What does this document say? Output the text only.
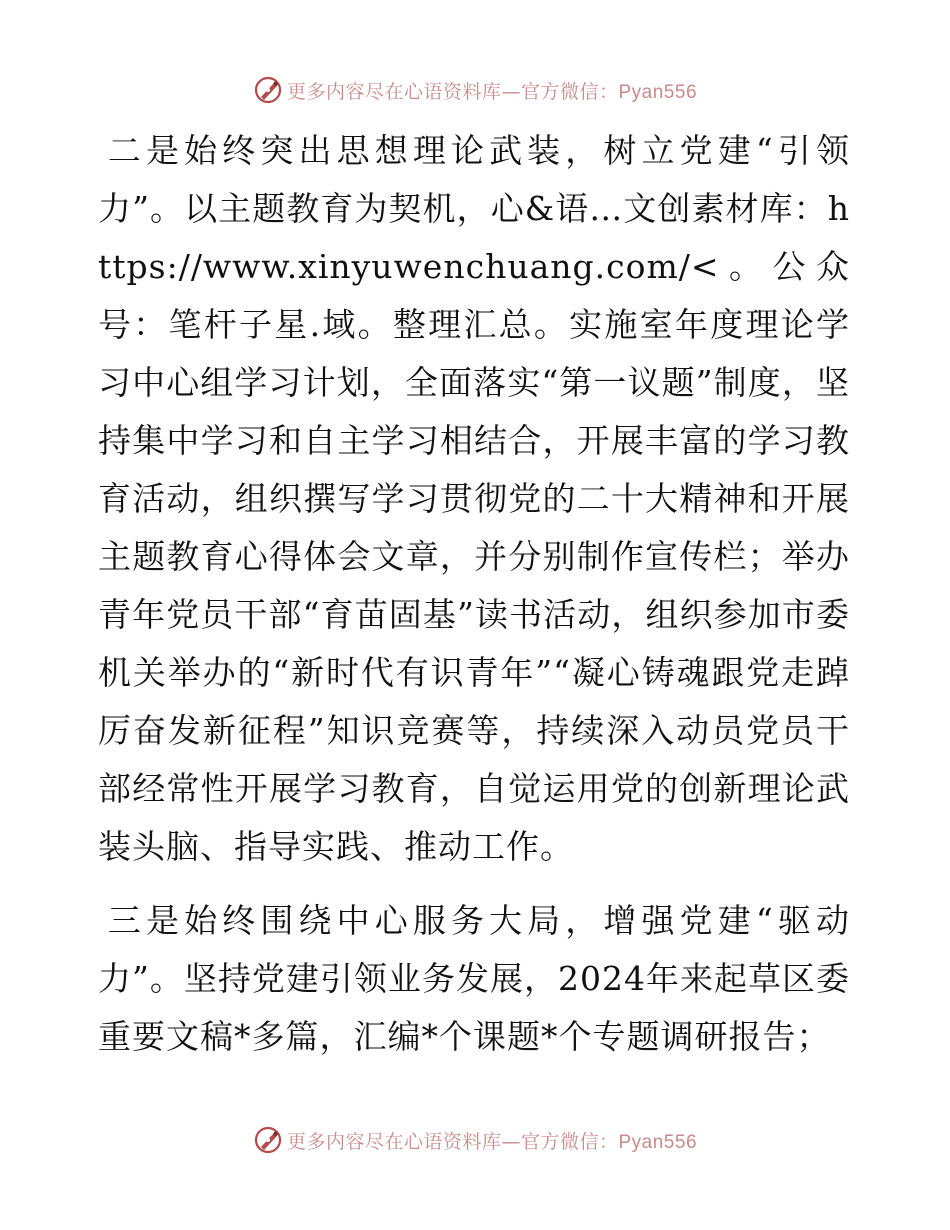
更多内容尽在心语资料库—官方微信：Pyan556

二是始终突出思想理论武装，树立党建“引领力”。以主题教育为契机，心&语…文创素材库：https://www.xinyuwenchuang.com/<。公众号：笔杆子星.域。整理汇总。实施室年度理论学习中心组学习计划，全面落实“第一议题”制度，坚持集中学习和自主学习相结合，开展丰富的学习教育活动，组织撰写学习贯彻党的二十大精神和开展主题教育心得体会文章，并分别制作宣传栏；举办青年党员干部“育苗固基”读书活动，组织参加市委机关举办的“新时代有识青年”“凝心铸魂跟党走踔厉奋发新征程”知识竞赛等，持续深入动员党员干部经常性开展学习教育，自觉运用党的创新理论武装头脑、指导实践、推动工作。

三是始终围绕中心服务大局，增强党建“驱动力”。坚持党建引领业务发展，2024年来起草区委重要文稿*多篇，汇编*个课题*个专题调研报告；

更多内容尽在心语资料库—官方微信：Pyan556
